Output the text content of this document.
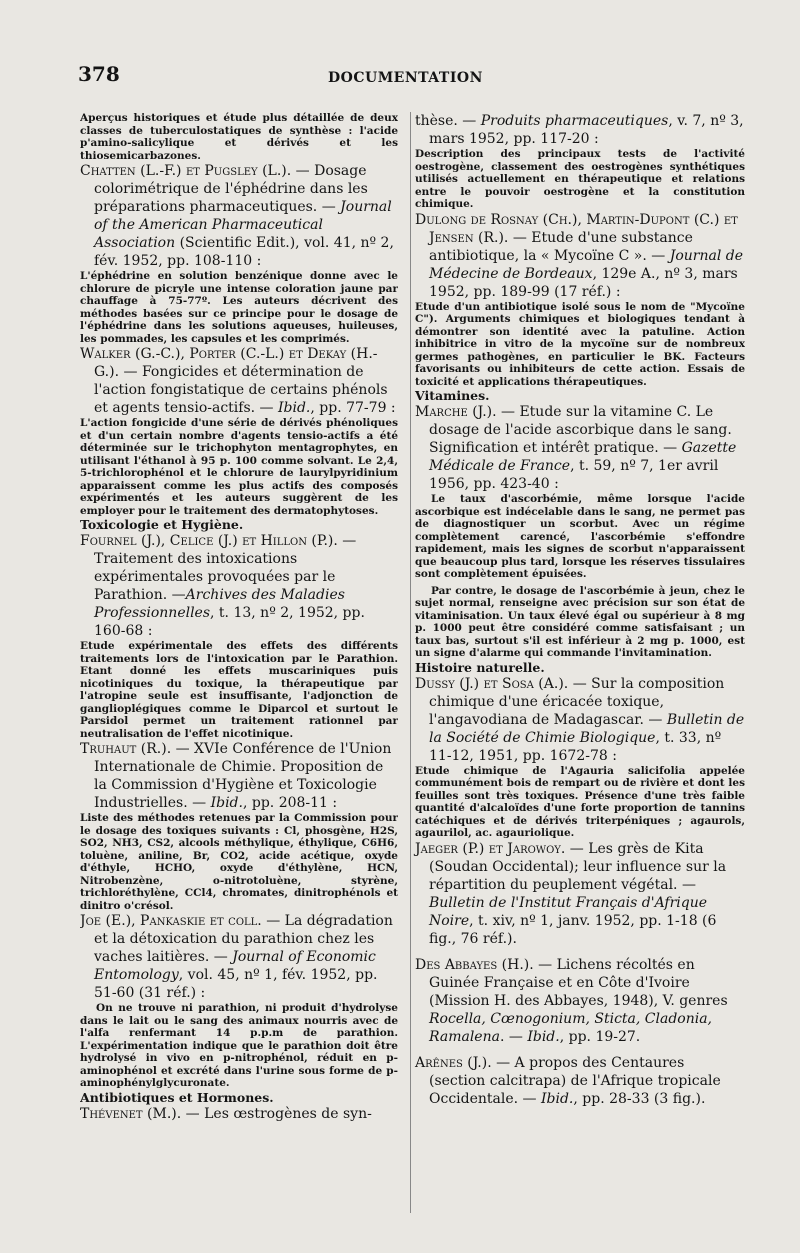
378	DOCUMENTATION

Aperçus historiques et étude plus détaillée de deux classes de tuberculostatiques de synthèse : l'acide p'amino-salicylique et dérivés et les thiosemicarbazones.

Chatten (L.-F.) et Pugsley (L.). — Dosage colorimétrique de l'éphédrine dans les préparations pharmaceutiques. — Journal of the American Pharmaceutical Association (Scientific Edit.), vol. 41, nº 2, fév. 1952, pp. 108-110 :

L'éphédrine en solution benzénique donne avec le chlorure de picryle une intense coloration jaune par chauffage à 75-77º. Les auteurs décrivent des méthodes basées sur ce principe pour le dosage de l'éphédrine dans les solutions aqueuses, huileuses, les pommades, les capsules et les comprimés.

Walker (G.-C.), Porter (C.-L.) et Dekay (H.-G.). — Fongicides et détermination de l'action fongistatique de certains phénols et agents tensio-actifs. — Ibid., pp. 77-79 :

L'action fongicide d'une série de dérivés phénoliques et d'un certain nombre d'agents tensio-actifs a été déterminée sur le trichophyton mentagrophytes, en utilisant l'éthanol à 95 p. 100 comme solvant. Le 2,4, 5-trichlorophénol et le chlorure de laurylpyridinium apparaissent comme les plus actifs des composés expérimentés et les auteurs suggèrent de les employer pour le traitement des dermatophytoses.

Toxicologie et Hygiène.

Fournel (J.), Celice (J.) et Hillon (P.). — Traitement des intoxications expérimentales provoquées par le Parathion. —Archives des Maladies Professionnelles, t. 13, nº 2, 1952, pp. 160-68 :

Etude expérimentale des effets des différents traitements lors de l'intoxication par le Parathion. Etant donné les effets muscariniques puis nicotiniques du toxique, la thérapeutique par l'atropine seule est insuffisante, l'adjonction de ganglioplégiques comme le Diparcol et surtout le Parsidol permet un traitement rationnel par neutralisation de l'effet nicotinique.

Truhaut (R.). — XVIe Conférence de l'Union Internationale de Chimie. Proposition de la Commission d'Hygiène et Toxicologie Industrielles. — Ibid., pp. 208-11 :

Liste des méthodes retenues par la Commission pour le dosage des toxiques suivants : Cl, phosgène, H2S, SO2, NH3, CS2, alcools méthylique, éthylique, C6H6, toluène, aniline, Br, CO2, acide acétique, oxyde d'éthyle, HCHO, oxyde d'éthylène, HCN, Nitrobenzène, o-nitrotoluène, styrène, trichloréthylène, CCl4, chromates, dinitrophénols et dinitro o'crésol.

Joe (E.), Pankaskie et coll. — La dégradation et la détoxication du parathion chez les vaches laitières. — Journal of Economic Entomology, vol. 45, nº 1, fév. 1952, pp. 51-60 (31 réf.) :

On ne trouve ni parathion, ni produit d'hydrolyse dans le lait ou le sang des animaux nourris avec de l'alfa renfermant 14 p.p.m de parathion. L'expérimentation indique que le parathion doit être hydrolysé in vivo en p-nitrophénol, réduit en p-aminophénol et excrété dans l'urine sous forme de p-aminophénylglycuronate.

Antibiotiques et Hormones.

Thévenet (M.). — Les œstrogènes de syn-

thèse. — Produits pharmaceutiques, v. 7, nº 3, mars 1952, pp. 117-20 :

Description des principaux tests de l'activité oestrogène, classement des oestrogènes synthétiques utilisés actuellement en thérapeutique et relations entre le pouvoir oestrogène et la constitution chimique.

Dulong de Rosnay (Ch.), Martin-Dupont (C.) et Jensen (R.). — Etude d'une substance antibiotique, la « Mycoïne C ». — Journal de Médecine de Bordeaux, 129e A., nº 3, mars 1952, pp. 189-99 (17 réf.) :

Etude d'un antibiotique isolé sous le nom de "Mycoïne C"). Arguments chimiques et biologiques tendant à démontrer son identité avec la patuline. Action inhibitrice in vitro de la mycoïne sur de nombreux germes pathogènes, en particulier le BK. Facteurs favorisants ou inhibiteurs de cette action. Essais de toxicité et applications thérapeutiques.

Vitamines.

Marche (J.). — Etude sur la vitamine C. Le dosage de l'acide ascorbique dans le sang. Signification et intérêt pratique. — Gazette Médicale de France, t. 59, nº 7, 1er avril 1956, pp. 423-40 :

Le taux d'ascorbémie, même lorsque l'acide ascorbique est indécelable dans le sang, ne permet pas de diagnostiquer un scorbut. Avec un régime complètement carencé, l'ascorbémie s'effondre rapidement, mais les signes de scorbut n'apparaissent que beaucoup plus tard, lorsque les réserves tissulaires sont complètement épuisées.

Par contre, le dosage de l'ascorbémie à jeun, chez le sujet normal, renseigne avec précision sur son état de vitaminisation. Un taux élevé égal ou supérieur à 8 mg p. 1000 peut être considéré comme satisfaisant ; un taux bas, surtout s'il est inférieur à 2 mg p. 1000, est un signe d'alarme qui commande l'invitamination.

Histoire naturelle.

Dussy (J.) et Sosa (A.). — Sur la composition chimique d'une éricacée toxique, l'angavodiana de Madagascar. — Bulletin de la Société de Chimie Biologique, t. 33, nº 11-12, 1951, pp. 1672-78 :

Etude chimique de l'Agauria salicifolia appelée communément bois de rempart ou de rivière et dont les feuilles sont très toxiques. Présence d'une très faible quantité d'alcaloïdes d'une forte proportion de tannins catéchiques et de dérivés triterpéniques ; agaurols, agaurilol, ac. agauriolique.

Jaeger (P.) et Jarowoy. — Les grès de Kita (Soudan Occidental); leur influence sur la répartition du peuplement végétal. — Bulletin de l'Institut Français d'Afrique Noire, t. xiv, nº 1, janv. 1952, pp. 1-18 (6 fig., 76 réf.).

Des Abbayes (H.). — Lichens récoltés en Guinée Française et en Côte d'Ivoire (Mission H. des Abbayes, 1948), V. genres Rocella, Cœnogonium, Sticta, Cladonia, Ramalena. — Ibid., pp. 19-27.

Arênes (J.). — A propos des Centaures (section calcitrapa) de l'Afrique tropicale Occidentale. — Ibid., pp. 28-33 (3 fig.).
